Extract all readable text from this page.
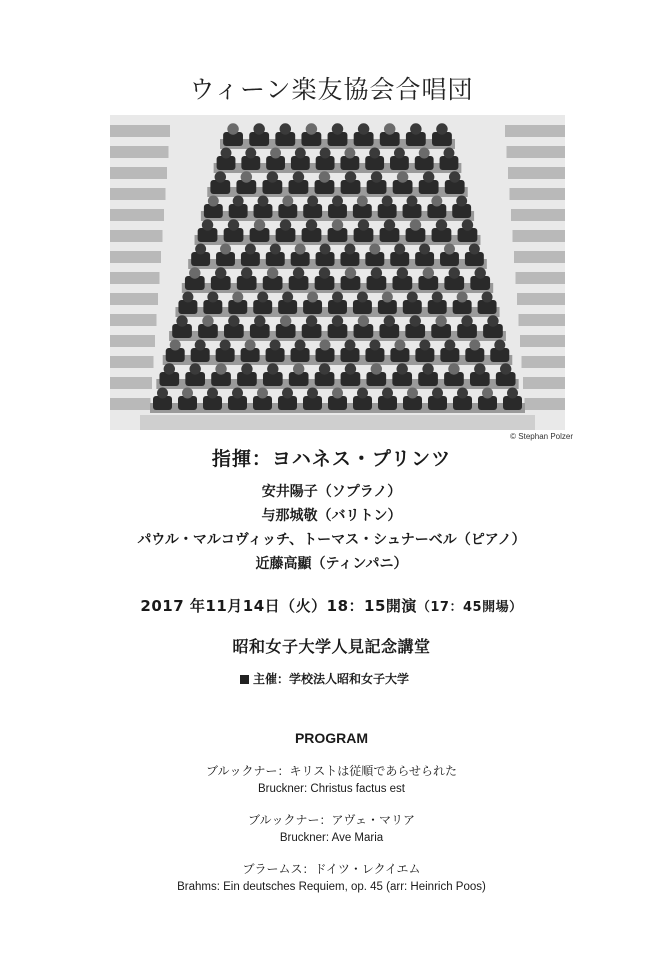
ウィーン楽友協会合唱団
© Stephan Polzer
指揮：ヨハネス・プリンツ
安井陽子（ソプラノ）
与那城敬（バリトン）
パウル・マルコヴィッチ、トーマス・シュナーベル（ピアノ）
近藤高顯（ティンパニ）
2017 年11月14日（火）18：15開演（17：45開場）
昭和女子大学人見記念講堂
主催：学校法人昭和女子大学
PROGRAM
ブルックナー：キリストは従順であらせられた
Bruckner: Christus factus est
ブルックナー：アヴェ・マリア
Bruckner: Ave Maria
ブラームス：ドイツ・レクイエム
Brahms: Ein deutsches Requiem, op. 45 (arr: Heinrich Poos)
